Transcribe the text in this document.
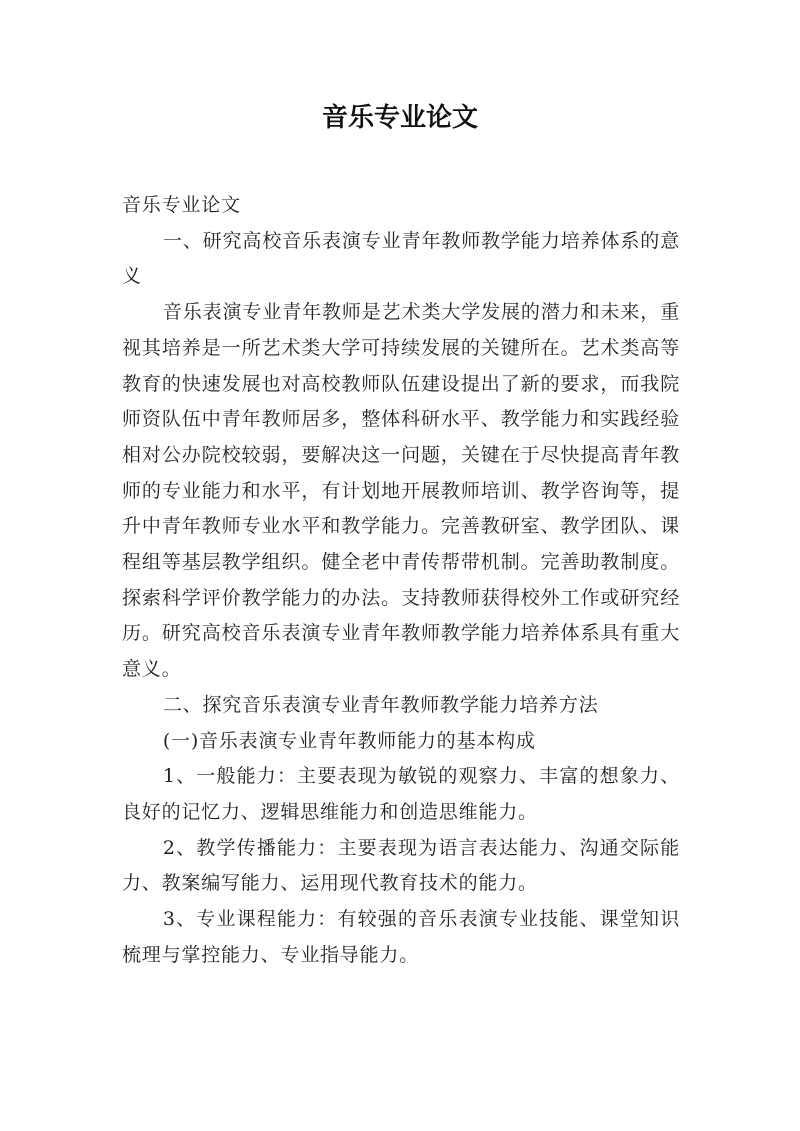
音乐专业论文

音乐专业论文

一、研究高校音乐表演专业青年教师教学能力培养体系的意义

音乐表演专业青年教师是艺术类大学发展的潜力和未来，重视其培养是一所艺术类大学可持续发展的关键所在。艺术类高等教育的快速发展也对高校教师队伍建设提出了新的要求，而我院师资队伍中青年教师居多，整体科研水平、教学能力和实践经验相对公办院校较弱，要解决这一问题，关键在于尽快提高青年教师的专业能力和水平，有计划地开展教师培训、教学咨询等，提升中青年教师专业水平和教学能力。完善教研室、教学团队、课程组等基层教学组织。健全老中青传帮带机制。完善助教制度。探索科学评价教学能力的办法。支持教师获得校外工作或研究经历。研究高校音乐表演专业青年教师教学能力培养体系具有重大意义。

二、探究音乐表演专业青年教师教学能力培养方法

(一)音乐表演专业青年教师能力的基本构成

1、一般能力：主要表现为敏锐的观察力、丰富的想象力、良好的记忆力、逻辑思维能力和创造思维能力。

2、教学传播能力：主要表现为语言表达能力、沟通交际能力、教案编写能力、运用现代教育技术的能力。

3、专业课程能力：有较强的音乐表演专业技能、课堂知识梳理与掌控能力、专业指导能力。
